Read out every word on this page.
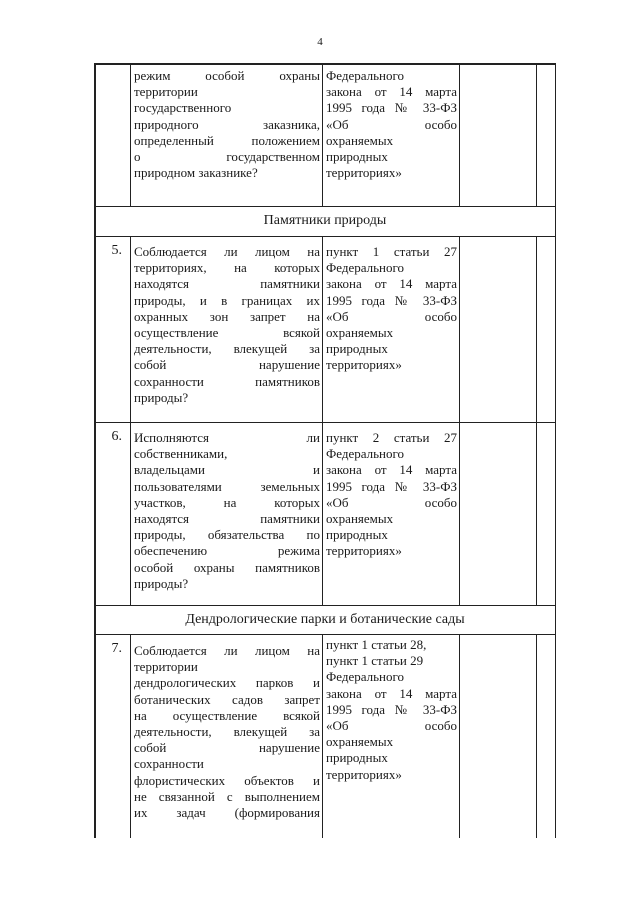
4
режим особой охраны
территории
государственного
природного заказника,
определенный положением
о государственном
природном заказнике?
Федерального
закона от 14 марта
1995 года № 33-ФЗ
«Об особо
охраняемых
природных
территориях»
Памятники природы
5. Соблюдается ли лицом на
территориях, на которых
находятся памятники
природы, и в границах их
охранных зон запрет на
осуществление всякой
деятельности, влекущей за
собой нарушение
сохранности памятников
природы?
пункт 1 статьи 27
Федерального
закона от 14 марта
1995 года № 33-ФЗ
«Об особо
охраняемых
природных
территориях»
6. Исполняются ли
собственниками,
владельцами и
пользователями земельных
участков, на которых
находятся памятники
природы, обязательства по
обеспечению режима
особой охраны памятников
природы?
пункт 2 статьи 27
Федерального
закона от 14 марта
1995 года № 33-ФЗ
«Об особо
охраняемых
природных
территориях»
Дендрологические парки и ботанические сады
7. Соблюдается ли лицом на
территории
дендрологических парков и
ботанических садов запрет
на осуществление всякой
деятельности, влекущей за
собой нарушение
сохранности
флористических объектов и
не связанной с выполнением
их задач (формирования
пункт 1 статьи 28,
пункт 1 статьи 29
Федерального
закона от 14 марта
1995 года № 33-ФЗ
«Об особо
охраняемых
природных
территориях»
